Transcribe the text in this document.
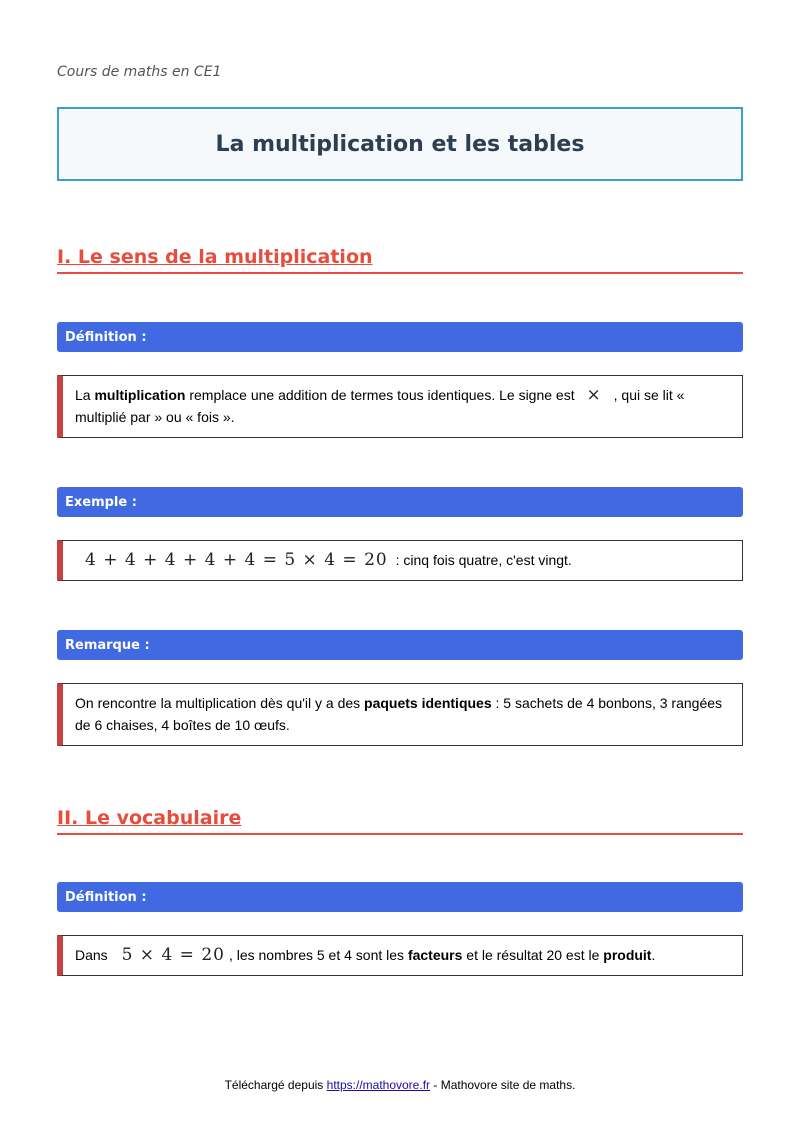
Cours de maths en CE1
La multiplication et les tables
I. Le sens de la multiplication
Définition :
La multiplication remplace une addition de termes tous identiques. Le signe est × , qui se lit « multiplié par » ou « fois ».
Exemple :
4 + 4 + 4 + 4 + 4 = 5 × 4 = 20 : cinq fois quatre, c'est vingt.
Remarque :
On rencontre la multiplication dès qu'il y a des paquets identiques : 5 sachets de 4 bonbons, 3 rangées de 6 chaises, 4 boîtes de 10 œufs.
II. Le vocabulaire
Définition :
Dans 5 × 4 = 20 , les nombres 5 et 4 sont les facteurs et le résultat 20 est le produit.
Téléchargé depuis https://mathovore.fr - Mathovore site de maths.
